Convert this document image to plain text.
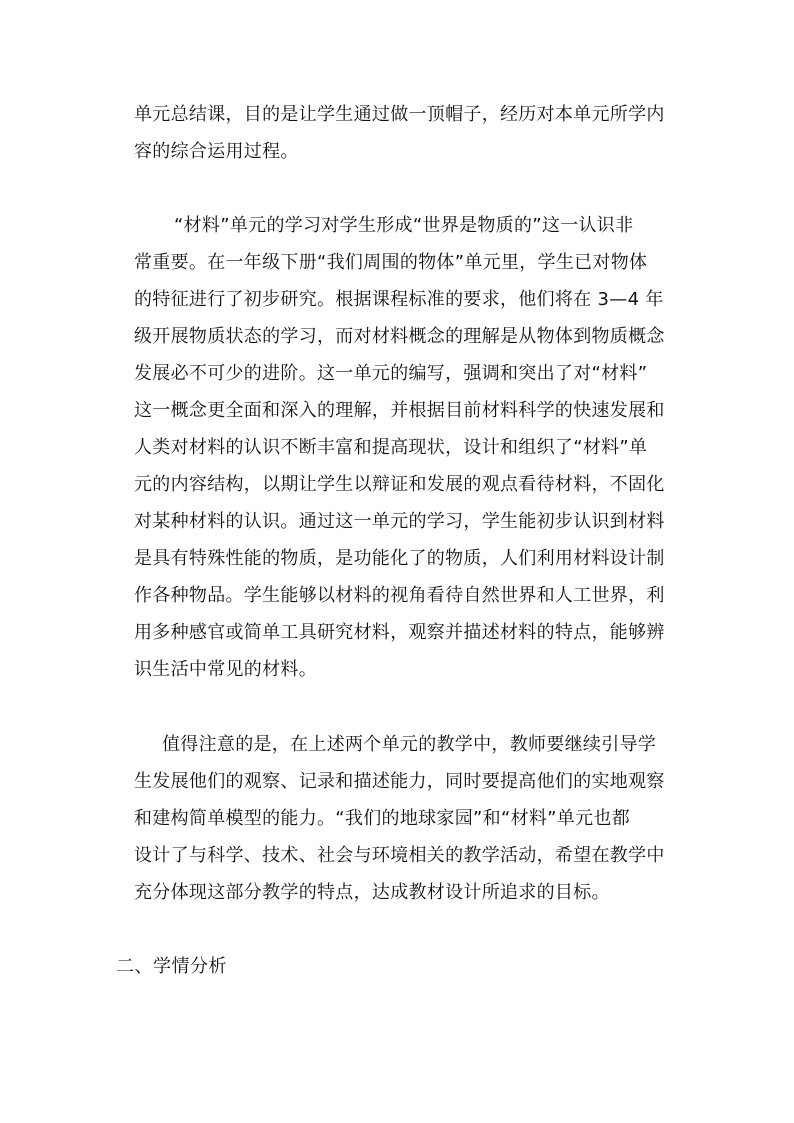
单元总结课，目的是让学生通过做一顶帽子，经历对本单元所学内
容的综合运用过程。

“材料”单元的学习对学生形成“世界是物质的”这一认识非
常重要。在一年级下册“我们周围的物体”单元里，学生已对物体
的特征进行了初步研究。根据课程标准的要求，他们将在 3—4 年
级开展物质状态的学习，而对材料概念的理解是从物体到物质概念
发展必不可少的进阶。这一单元的编写，强调和突出了对“材料”
这一概念更全面和深入的理解，并根据目前材料科学的快速发展和
人类对材料的认识不断丰富和提高现状，设计和组织了“材料”单
元的内容结构，以期让学生以辩证和发展的观点看待材料，不固化
对某种材料的认识。通过这一单元的学习，学生能初步认识到材料
是具有特殊性能的物质，是功能化了的物质，人们利用材料设计制
作各种物品。学生能够以材料的视角看待自然世界和人工世界，利
用多种感官或简单工具研究材料，观察并描述材料的特点，能够辨
识生活中常见的材料。

值得注意的是，在上述两个单元的教学中，教师要继续引导学
生发展他们的观察、记录和描述能力，同时要提高他们的实地观察
和建构简单模型的能力。“我们的地球家园”和“材料”单元也都
设计了与科学、技术、社会与环境相关的教学活动，希望在教学中
充分体现这部分教学的特点，达成教材设计所追求的目标。

二、学情分析
